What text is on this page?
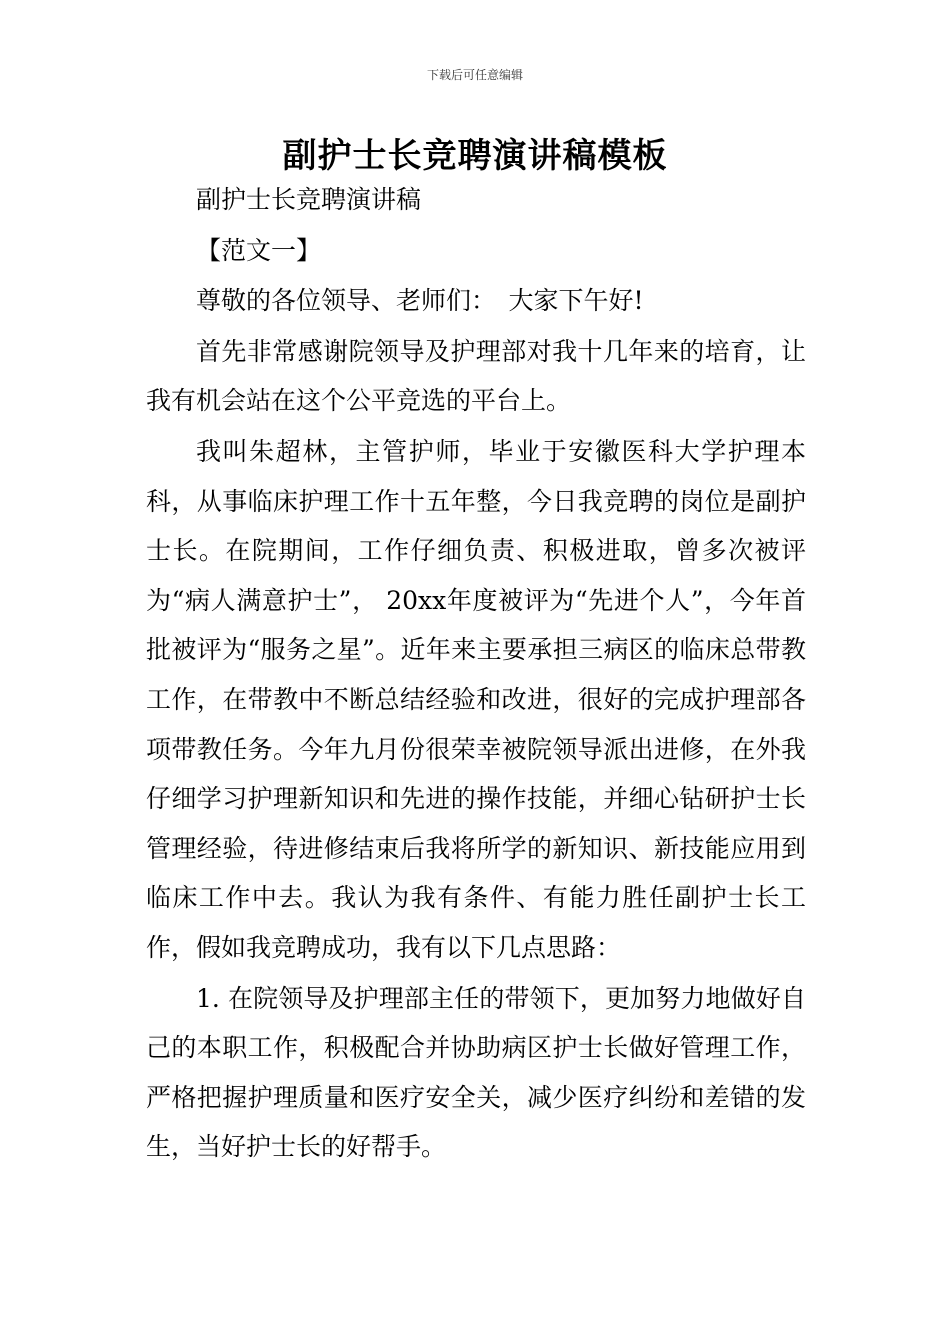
下载后可任意编辑
副护士长竞聘演讲稿模板

副护士长竞聘演讲稿

【范文一】

尊敬的各位领导、老师们：　大家下午好!

首先非常感谢院领导及护理部对我十几年来的培育，让我有机会站在这个公平竞选的平台上。

我叫朱超林，主管护师，毕业于安徽医科大学护理本科，从事临床护理工作十五年整，今日我竞聘的岗位是副护士长。在院期间，工作仔细负责、积极进取，曾多次被评为“病人满意护士”， 20xx年度被评为“先进个人”，今年首批被评为“服务之星”。近年来主要承担三病区的临床总带教工作，在带教中不断总结经验和改进，很好的完成护理部各项带教任务。今年九月份很荣幸被院领导派出进修，在外我仔细学习护理新知识和先进的操作技能，并细心钻研护士长管理经验，待进修结束后我将所学的新知识、新技能应用到临床工作中去。我认为我有条件、有能力胜任副护士长工作，假如我竞聘成功，我有以下几点思路：

1. 在院领导及护理部主任的带领下，更加努力地做好自己的本职工作，积极配合并协助病区护士长做好管理工作，严格把握护理质量和医疗安全关，减少医疗纠纷和差错的发生，当好护士长的好帮手。
